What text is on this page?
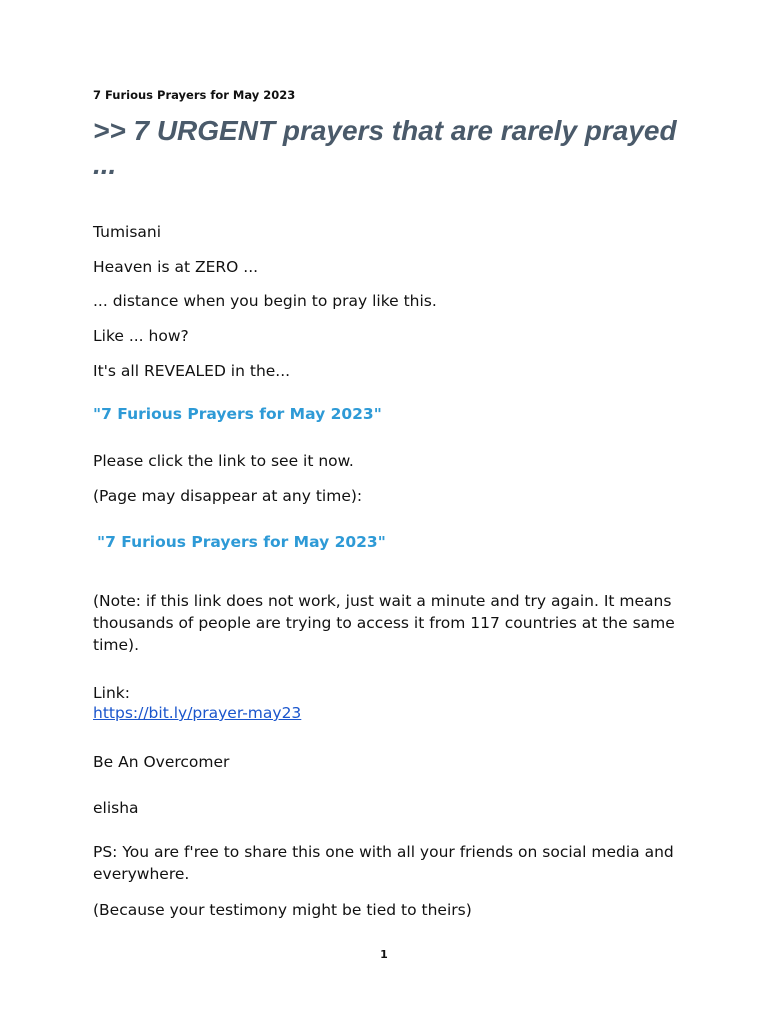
7 Furious Prayers for May 2023

>> 7 URGENT prayers that are rarely prayed ...

Tumisani

Heaven is at ZERO ...

... distance when you begin to pray like this.

Like ... how?

It's all REVEALED in the...

"7 Furious Prayers for May 2023"

Please click the link to see it now.

(Page may disappear at any time):

"7 Furious Prayers for May 2023"

(Note: if this link does not work, just wait a minute and try again. It means thousands of people are trying to access it from 117 countries at the same time).

Link:

https://bit.ly/prayer-may23

Be An Overcomer

elisha

PS: You are f'ree to share this one with all your friends on social media and everywhere.

(Because your testimony might be tied to theirs)

1
